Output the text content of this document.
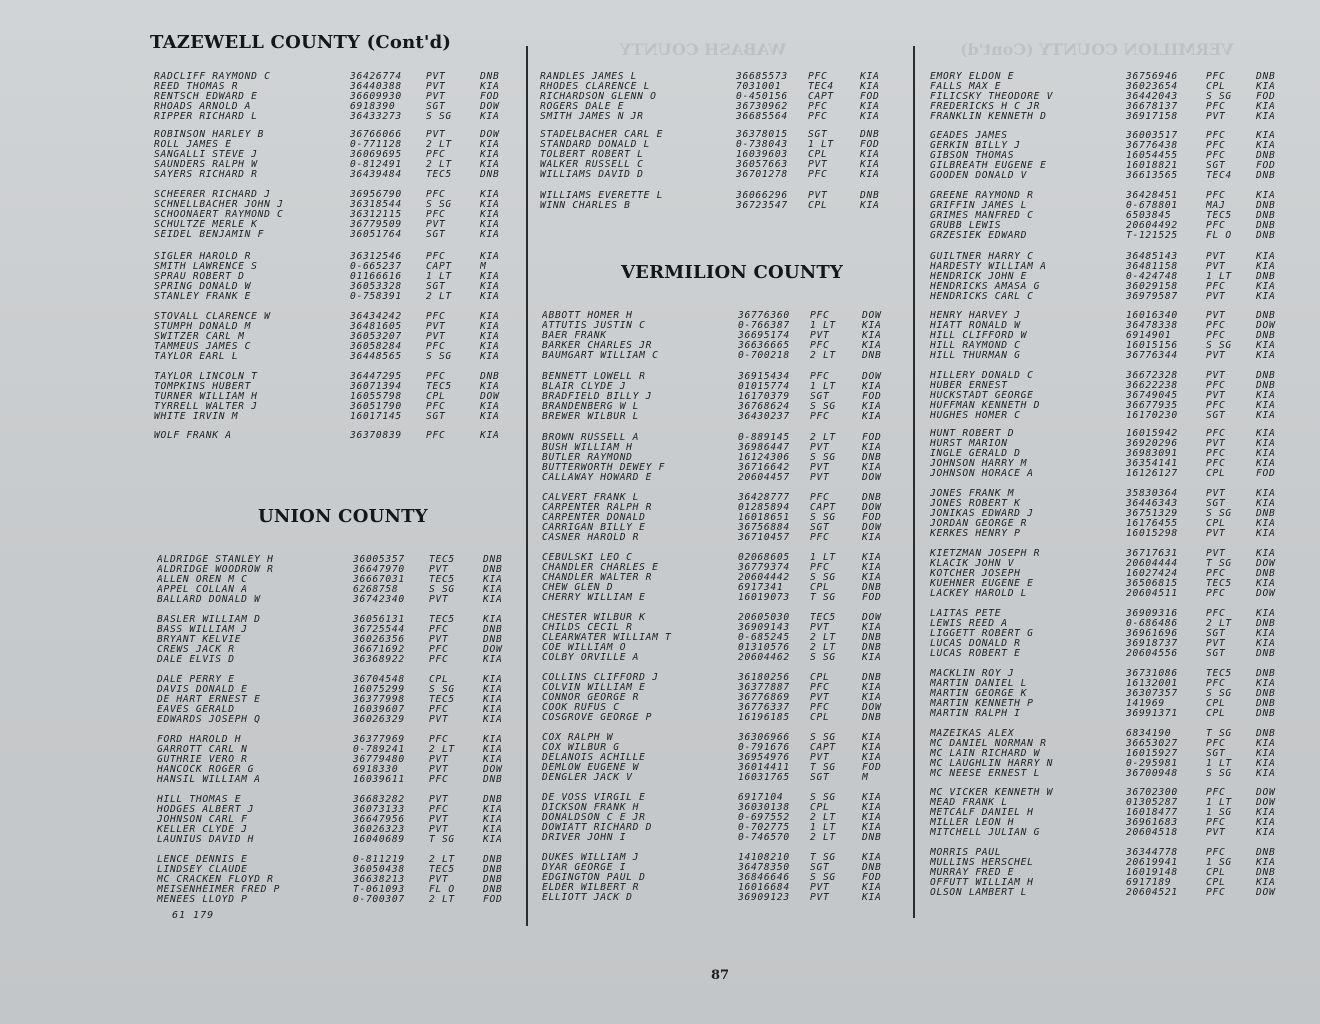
WABASH COUNTY	VERMILION COUNTY (Cont'd)
TAZEWELL COUNTY (Cont'd)
RADCLIFF RAYMOND C	36426774	PVT	DNB
REED THOMAS R	36440388	PVT	KIA
RENTSCH EDWARD E	36609930	PVT	FOD
RHOADS ARNOLD A	6918390	SGT	DOW
RIPPER RICHARD L	36433273	S SG	KIA
ROBINSON HARLEY B	36766066	PVT	DOW
ROLL JAMES E	0-771128	2 LT	KIA
SANGALLI STEVE J	36069695	PFC	KIA
SAUNDERS RALPH W	0-812491	2 LT	KIA
SAYERS RICHARD R	36439484	TEC5	DNB
SCHEERER RICHARD J	36956790	PFC	KIA
SCHNELLBACHER JOHN J	36318544	S SG	KIA
SCHOONAERT RAYMOND C	36312115	PFC	KIA
SCHULTZE MERLE K	36779509	PVT	KIA
SEIDEL BENJAMIN F	36051764	SGT	KIA
SIGLER HAROLD R	36312546	PFC	KIA
SMITH LAWRENCE S	0-665237	CAPT	M
SPRAU ROBERT D	01166616	1 LT	KIA
SPRING DONALD W	36053328	SGT	KIA
STANLEY FRANK E	0-758391	2 LT	KIA
STOVALL CLARENCE W	36434242	PFC	KIA
STUMPH DONALD M	36481605	PVT	KIA
SWITZER CARL M	36053207	PVT	KIA
TAMMEUS JAMES C	36058284	PFC	KIA
TAYLOR EARL L	36448565	S SG	KIA
TAYLOR LINCOLN T	36447295	PFC	DNB
TOMPKINS HUBERT	36071394	TEC5	KIA
TURNER WILLIAM H	16055798	CPL	DOW
TYRRELL WALTER J	36051790	PFC	KIA
WHITE IRVIN M	16017145	SGT	KIA
WOLF FRANK A	36370839	PFC	KIA
UNION COUNTY
ALDRIDGE STANLEY H	36005357	TEC5	DNB
ALDRIDGE WOODROW R	36647970	PVT	DNB
ALLEN OREN M C	36667031	TEC5	KIA
APPEL COLLAN A	6268758	S SG	KIA
BALLARD DONALD W	36742340	PVT	KIA
BASLER WILLIAM D	36056131	TEC5	KIA
BASS WILLIAM J	36725544	PFC	DNB
BRYANT KELVIE	36026356	PVT	DNB
CREWS JACK R	36671692	PFC	DOW
DALE ELVIS D	36368922	PFC	KIA
DALE PERRY E	36704548	CPL	KIA
DAVIS DONALD E	16075299	S SG	KIA
DE HART ERNEST E	36377998	TEC5	KIA
EAVES GERALD	16039607	PFC	KIA
EDWARDS JOSEPH Q	36026329	PVT	KIA
FORD HAROLD H	36377969	PFC	KIA
GARROTT CARL N	0-789241	2 LT	KIA
GUTHRIE VERO R	36779480	PVT	KIA
HANCOCK ROGER G	6918330	PVT	DOW
HANSIL WILLIAM A	16039611	PFC	DNB
HILL THOMAS E	36683282	PVT	DNB
HODGES ALBERT J	36073133	PFC	KIA
JOHNSON CARL F	36647956	PVT	KIA
KELLER CLYDE J	36026323	PVT	KIA
LAUNIUS DAVID H	16040689	T SG	KIA
LENCE DENNIS E	0-811219	2 LT	DNB
LINDSEY CLAUDE	36050438	TEC5	DNB
MC CRACKEN FLOYD R	36638213	PVT	DNB
MEISENHEIMER FRED P	T-061093	FL O	DNB
MENEES LLOYD P	0-700307	2 LT	FOD
61 179
RANDLES JAMES L	36685573	PFC	KIA
RHODES CLARENCE L	7031001	TEC4	KIA
RICHARDSON GLENN O	0-450156	CAPT	FOD
ROGERS DALE E	36730962	PFC	KIA
SMITH JAMES N JR	36685564	PFC	KIA
STADELBACHER CARL E	36378015	SGT	DNB
STANDARD DONALD L	0-738043	1 LT	FOD
TOLBERT ROBERT L	16039603	CPL	KIA
WALKER RUSSELL C	36057663	PVT	KIA
WILLIAMS DAVID D	36701278	PFC	KIA
WILLIAMS EVERETTE L	36066296	PVT	DNB
WINN CHARLES B	36723547	CPL	KIA
VERMILION COUNTY
ABBOTT HOMER H	36776360	PFC	DOW
ATTUTIS JUSTIN C	0-766387	1 LT	KIA
BAER FRANK	36695174	PVT	KIA
BARKER CHARLES JR	36636665	PFC	KIA
BAUMGART WILLIAM C	0-700218	2 LT	DNB
BENNETT LOWELL R	36915434	PFC	DOW
BLAIR CLYDE J	01015774	1 LT	KIA
BRADFIELD BILLY J	16170379	SGT	FOD
BRANDENBERG W L	36768624	S SG	KIA
BREWER WILBUR L	36430237	PFC	KIA
BROWN RUSSELL A	0-889145	2 LT	FOD
BUSH WILLIAM H	36986447	PVT	KIA
BUTLER RAYMOND	16124306	S SG	DNB
BUTTERWORTH DEWEY F	36716642	PVT	KIA
CALLAWAY HOWARD E	20604457	PVT	DOW
CALVERT FRANK L	36428777	PFC	DNB
CARPENTER RALPH R	01285894	CAPT	DOW
CARPENTER DONALD	16018651	S SG	FOD
CARRIGAN BILLY E	36756884	SGT	DOW
CASNER HAROLD R	36710457	PFC	KIA
CEBULSKI LEO C	02068605	1 LT	KIA
CHANDLER CHARLES E	36779374	PFC	KIA
CHANDLER WALTER R	20604442	S SG	KIA
CHEW GLEN D	6917341	CPL	DNB
CHERRY WILLIAM E	16019073	T SG	FOD
CHESTER WILBUR K	20605030	TEC5	DOW
CHILDS CECIL R	36909143	PVT	KIA
CLEARWATER WILLIAM T	0-685245	2 LT	DNB
COE WILLIAM O	01310576	2 LT	DNB
COLBY ORVILLE A	20604462	S SG	KIA
COLLINS CLIFFORD J	36180256	CPL	DNB
COLVIN WILLIAM E	36377887	PFC	KIA
CONNOR GEORGE R	36776869	PVT	KIA
COOK RUFUS C	36776337	PFC	DOW
COSGROVE GEORGE P	16196185	CPL	DNB
COX RALPH W	36306966	S SG	KIA
COX WILBUR G	0-791676	CAPT	KIA
DELANOIS ACHILLE	36954976	PVT	KIA
DEMLOW EUGENE W	36014411	T SG	FOD
DENGLER JACK V	16031765	SGT	M
DE VOSS VIRGIL E	6917104	S SG	KIA
DICKSON FRANK H	36030138	CPL	KIA
DONALDSON C E JR	0-697552	2 LT	KIA
DOWIATT RICHARD D	0-702775	1 LT	KIA
DRIVER JOHN I	0-746570	2 LT	DNB
DUKES WILLIAM J	14108210	T SG	KIA
DYAR GEORGE I	36478350	SGT	DNB
EDGINGTON PAUL D	36846646	S SG	FOD
ELDER WILBERT R	16016684	PVT	KIA
ELLIOTT JACK D	36909123	PVT	KIA
EMORY ELDON E	36756946	PFC	DNB
FALLS MAX E	36023654	CPL	KIA
FILICSKY THEODORE V	36442043	S SG	FOD
FREDERICKS H C JR	36678137	PFC	KIA
FRANKLIN KENNETH D	36917158	PVT	KIA
GEADES JAMES	36003517	PFC	KIA
GERKIN BILLY J	36776438	PFC	KIA
GIBSON THOMAS	16054455	PFC	DNB
GILBREATH EUGENE E	16018821	SGT	FOD
GOODEN DONALD V	36613565	TEC4	DNB
GREENE RAYMOND R	36428451	PFC	KIA
GRIFFIN JAMES L	0-678801	MAJ	DNB
GRIMES MANFRED C	6503845	TEC5	DNB
GRUBB LEWIS	20604492	PFC	DNB
GRZESIEK EDWARD	T-121525	FL O	DNB
GUILTNER HARRY C	36485143	PVT	KIA
HARDESTY WILLIAM A	36481158	PVT	KIA
HENDRICK JOHN E	0-424748	1 LT	DNB
HENDRICKS AMASA G	36029158	PFC	KIA
HENDRICKS CARL C	36979587	PVT	KIA
HENRY HARVEY J	16016340	PVT	DNB
HIATT RONALD W	36478338	PFC	DOW
HILL CLIFFORD W	6914901	PFC	DNB
HILL RAYMOND C	16015156	S SG	KIA
HILL THURMAN G	36776344	PVT	KIA
HILLERY DONALD C	36672328	PVT	DNB
HUBER ERNEST	36622238	PFC	DNB
HUCKSTADT GEORGE	36749045	PVT	KIA
HUFFMAN KENNETH D	36677935	PFC	KIA
HUGHES HOMER C	16170230	SGT	KIA
HUNT ROBERT D	16015942	PFC	KIA
HURST MARION	36920296	PVT	KIA
INGLE GERALD D	36983091	PFC	KIA
JOHNSON HARRY M	36354141	PFC	KIA
JOHNSON HORACE A	16126127	CPL	FOD
JONES FRANK M	35830364	PVT	KIA
JONES ROBERT K	36446343	SGT	KIA
JONIKAS EDWARD J	36751329	S SG	DNB
JORDAN GEORGE R	16176455	CPL	KIA
KERKES HENRY P	16015298	PVT	KIA
KIETZMAN JOSEPH R	36717631	PVT	KIA
KLACIK JOHN V	20604444	T SG	DOW
KOTCHER JOSEPH	16027424	PFC	DNB
KUEHNER EUGENE E	36506815	TEC5	KIA
LACKEY HAROLD L	20604511	PFC	DOW
LAITAS PETE	36909316	PFC	KIA
LEWIS REED A	0-686486	2 LT	DNB
LIGGETT ROBERT G	36961696	SGT	KIA
LUCAS DONALD R	36918737	PVT	KIA
LUCAS ROBERT E	20604556	SGT	DNB
MACKLIN ROY J	36731086	TEC5	DNB
MARTIN DANIEL L	16132001	PFC	KIA
MARTIN GEORGE K	36307357	S SG	DNB
MARTIN KENNETH P	141969	CPL	DNB
MARTIN RALPH I	36991371	CPL	DNB
MAZEIKAS ALEX	6834190	T SG	DNB
MC DANIEL NORMAN R	36653027	PFC	KIA
MC LAIN RICHARD W	16015927	SGT	KIA
MC LAUGHLIN HARRY N	0-295981	1 LT	KIA
MC NEESE ERNEST L	36700948	S SG	KIA
MC VICKER KENNETH W	36702300	PFC	DOW
MEAD FRANK L	01305287	1 LT	DOW
METCALF DANIEL H	16018477	1 SG	KIA
MILLER LEON H	36961683	PFC	KIA
MITCHELL JULIAN G	20604518	PVT	KIA
MORRIS PAUL	36344778	PFC	DNB
MULLINS HERSCHEL	20619941	1 SG	KIA
MURRAY FRED E	16019148	CPL	DNB
OFFUTT WILLIAM H	6917189	CPL	KIA
OLSON LAMBERT L	20604521	PFC	DOW
87
